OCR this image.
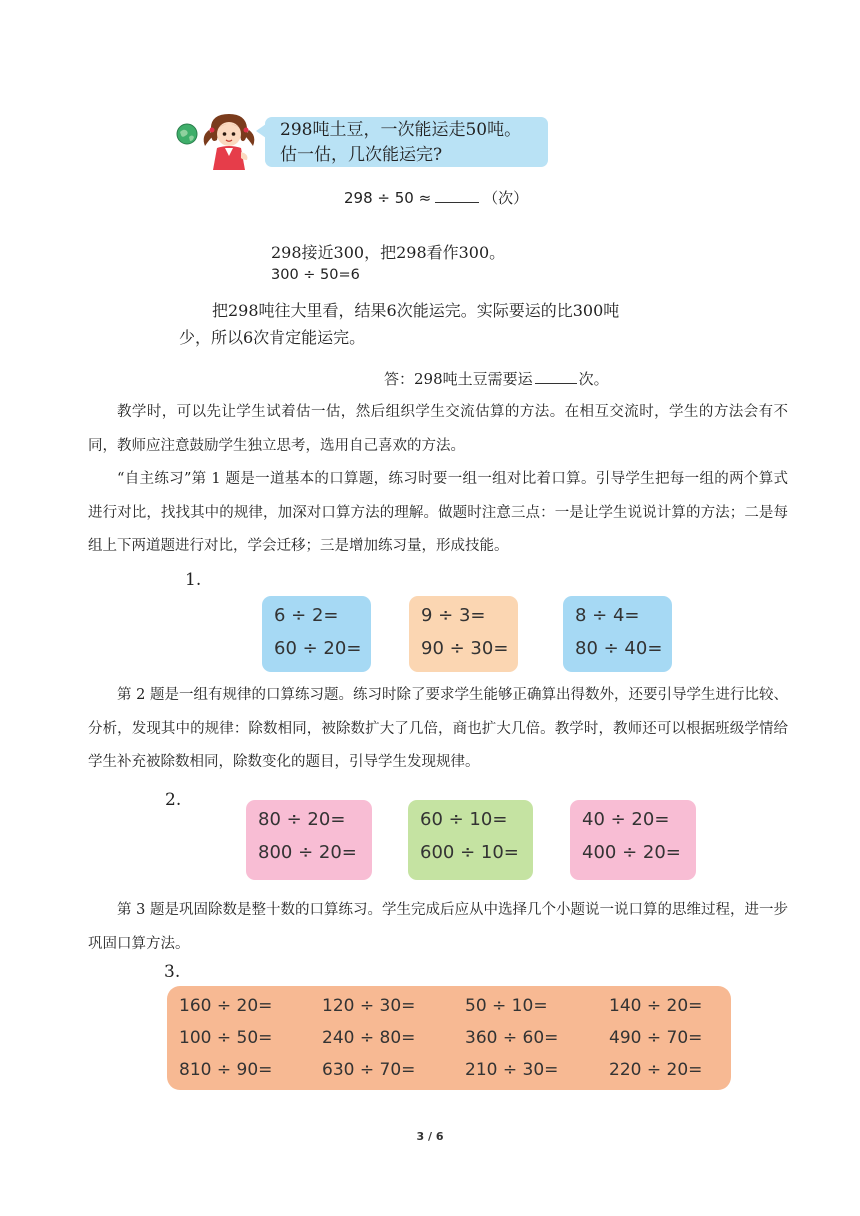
298吨土豆，一次能运走50吨。
估一估，几次能运完?
298 ÷ 50 ≈	（次）
298接近300，把298看作300。
300 ÷ 50=6
把298吨往大里看，结果6次能运完。实际要运的比300吨
少，所以6次肯定能运完。
答：298吨土豆需要运	次。

教学时，可以先让学生试着估一估，然后组织学生交流估算的方法。在相互交流时，学生的方法会有不同，教师应注意鼓励学生独立思考，选用自己喜欢的方法。

“自主练习”第 1 题是一道基本的口算题，练习时要一组一组对比着口算。引导学生把每一组的两个算式进行对比，找找其中的规律，加深对口算方法的理解。做题时注意三点：一是让学生说说计算的方法；二是每组上下两道题进行对比，学会迁移；三是增加练习量，形成技能。

1.
6 ÷ 2=
60 ÷ 20=
9 ÷ 3=
90 ÷ 30=
8 ÷ 4=
80 ÷ 40=

第 2 题是一组有规律的口算练习题。练习时除了要求学生能够正确算出得数外，还要引导学生进行比较、分析，发现其中的规律：除数相同，被除数扩大了几倍，商也扩大几倍。教学时，教师还可以根据班级学情给学生补充被除数相同，除数变化的题目，引导学生发现规律。

2.
80 ÷ 20=
800 ÷ 20=
60 ÷ 10=
600 ÷ 10=
40 ÷ 20=
400 ÷ 20=

第 3 题是巩固除数是整十数的口算练习。学生完成后应从中选择几个小题说一说口算的思维过程，进一步巩固口算方法。

3.
160 ÷ 20=	120 ÷ 30=	50 ÷ 10=	140 ÷ 20=
100 ÷ 50=	240 ÷ 80=	360 ÷ 60=	490 ÷ 70=
810 ÷ 90=	630 ÷ 70=	210 ÷ 30=	220 ÷ 20=
3 / 6
